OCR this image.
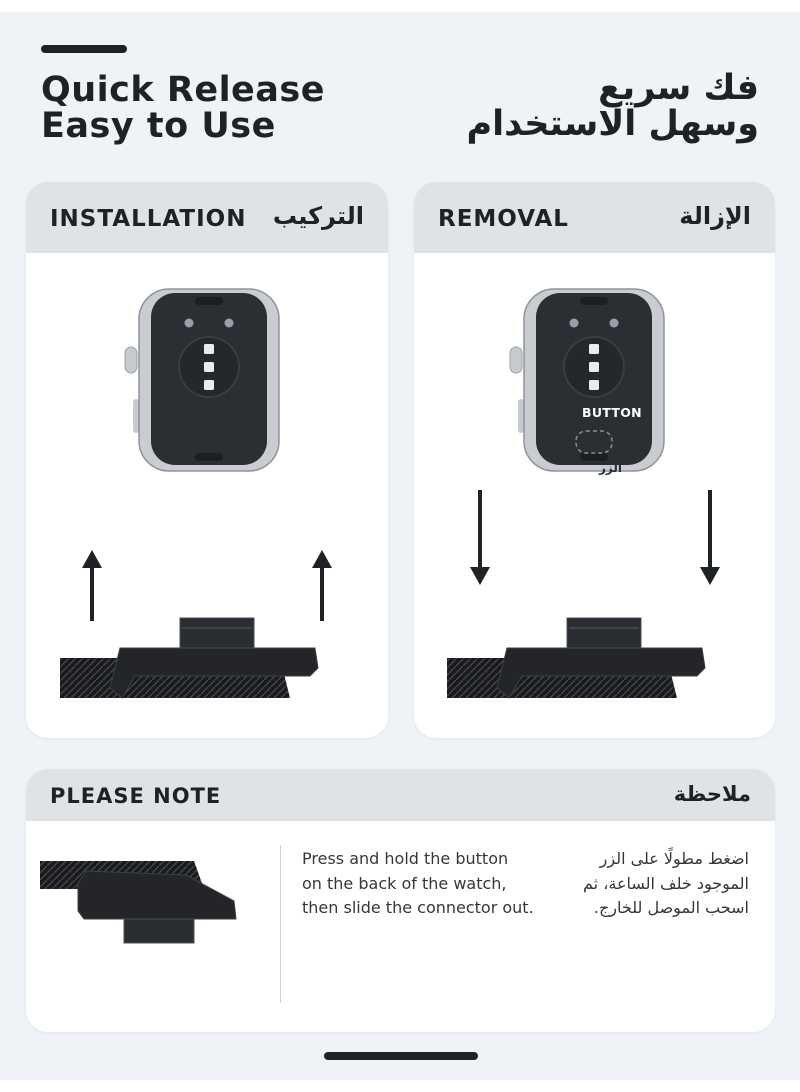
Quick Release
Easy to Use
فك سريع
وسهل الاستخدام
INSTALLATION التركيب	REMOVAL	الإزالة
BUTTON
الزر
PLEASE NOTE	ملاحظة
Press and hold the button
on the back of the watch,
then slide the connector out.
اضغط مطولًا على الزر
الموجود خلف الساعة، ثم
اسحب الموصل للخارج.
